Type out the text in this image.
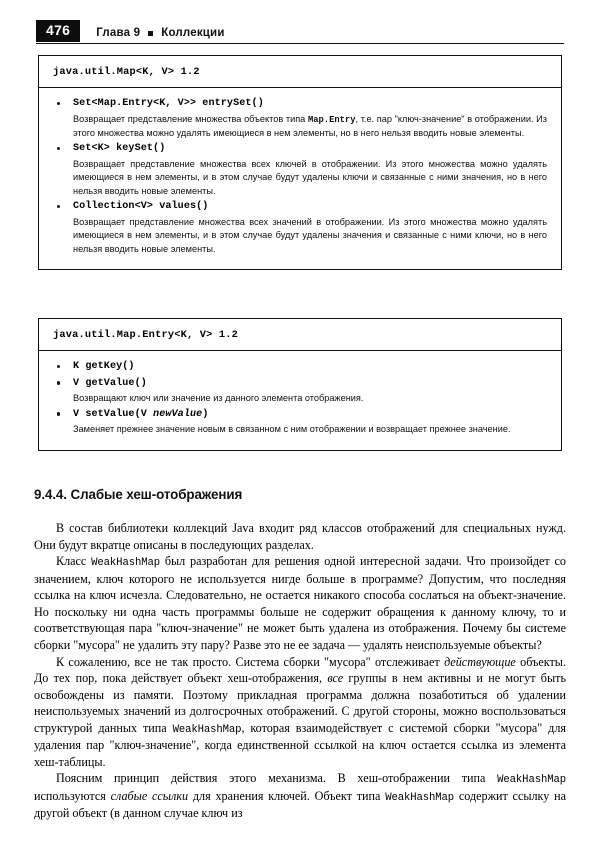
476	Глава 9 Коллекции
java.util.Map<K, V> 1.2
Set<Map.Entry<K, V>> entrySet()

Возвращает представление множества объектов типа Map.Entry, т.е. пар "ключ-значение" в отображении. Из этого множества можно удалять имеющиеся в нем элементы, но в него нельзя вводить новые элементы.

Set<K> keySet()

Возвращает представление множества всех ключей в отображении. Из этого множества можно удалять имеющиеся в нем элементы, и в этом случае будут удалены ключи и связанные с ними значения, но в него нельзя вводить новые элементы.

Collection<V> values()

Возвращает представление множества всех значений в отображении. Из этого множества можно удалять имеющиеся в нем элементы, и в этом случае будут удалены значения и связанные с ними ключи, но в него нельзя вводить новые элементы.

java.util.Map.Entry<K, V> 1.2
K getKey()
V getValue()

Возвращают ключ или значение из данного элемента отображения.

V setValue(V newValue)

Заменяет прежнее значение новым в связанном с ним отображении и возвращает прежнее значение.

9.4.4. Слабые хеш-отображения

В состав библиотеки коллекций Java входит ряд классов отображений для специальных нужд. Они будут вкратце описаны в последующих разделах.

Класс WeakHashMap был разработан для решения одной интересной задачи. Что произойдет со значением, ключ которого не используется нигде больше в программе? Допустим, что последняя ссылка на ключ исчезла. Следовательно, не остается никакого способа сослаться на объект-значение. Но поскольку ни одна часть программы больше не содержит обращения к данному ключу, то и соответствующая пара "ключ-значение" не может быть удалена из отображения. Почему бы системе сборки "мусора" не удалить эту пару? Разве это не ее задача — удалять неиспользуемые объекты?

К сожалению, все не так просто. Система сборки "мусора" отслеживает действующие объекты. До тех пор, пока действует объект хеш-отображения, все группы в нем активны и не могут быть освобождены из памяти. Поэтому прикладная программа должна позаботиться об удалении неиспользуемых значений из долгосрочных отображений. С другой стороны, можно воспользоваться структурой данных типа WeakHashMap, которая взаимодействует с системой сборки "мусора" для удаления пар "ключ-значение", когда единственной ссылкой на ключ остается ссылка из элемента хеш-таблицы.

Поясним принцип действия этого механизма. В хеш-отображении типа WeakHashMap используются слабые ссылки для хранения ключей. Объект типа WeakHashMap содержит ссылку на другой объект (в данном случае ключ из
